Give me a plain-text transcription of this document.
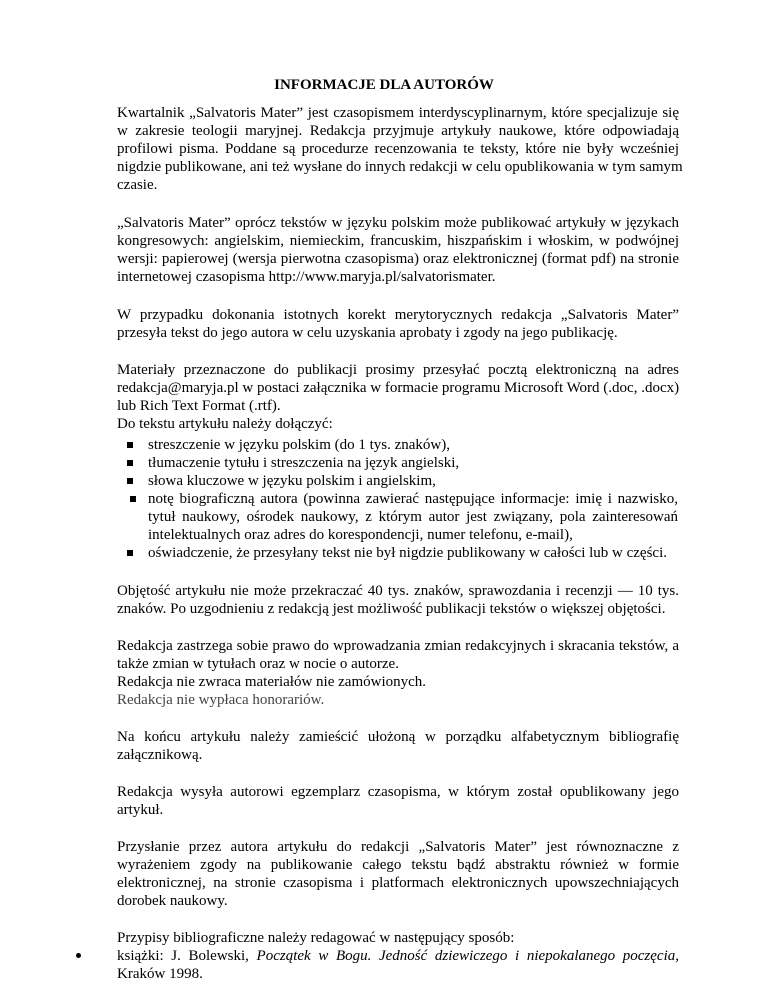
INFORMACJE DLA AUTORÓW
Kwartalnik „Salvatoris Mater” jest czasopismem interdyscyplinarnym, które specjalizuje się
w zakresie teologii maryjnej. Redakcja przyjmuje artykuły naukowe, które odpowiadają
profilowi pisma. Poddane są procedurze recenzowania te teksty, które nie były wcześniej
nigdzie publikowane, ani też wysłane do innych redakcji w celu opublikowania w tym samym
czasie.
„Salvatoris Mater” oprócz tekstów w języku polskim może publikować artykuły w językach
kongresowych: angielskim, niemieckim, francuskim, hiszpańskim i włoskim, w podwójnej
wersji: papierowej (wersja pierwotna czasopisma) oraz elektronicznej (format pdf) na stronie
internetowej czasopisma http://www.maryja.pl/salvatorismater.
W przypadku dokonania istotnych korekt merytorycznych redakcja „Salvatoris Mater”
przesyła tekst do jego autora w celu uzyskania aprobaty i zgody na jego publikację.
Materiały przeznaczone do publikacji prosimy przesyłać pocztą elektroniczną na adres
redakcja@maryja.pl w postaci załącznika w formacie programu Microsoft Word (.doc, .docx)
lub Rich Text Format (.rtf).
Do tekstu artykułu należy dołączyć:
streszczenie w języku polskim (do 1 tys. znaków),
tłumaczenie tytułu i streszczenia na język angielski,
słowa kluczowe w języku polskim i angielskim,
notę biograficzną autora (powinna zawierać następujące informacje: imię i nazwisko,
tytuł naukowy, ośrodek naukowy, z którym autor jest związany, pola zainteresowań
intelektualnych oraz adres do korespondencji, numer telefonu, e-mail),
oświadczenie, że przesyłany tekst nie był nigdzie publikowany w całości lub w części.
Objętość artykułu nie może przekraczać 40 tys. znaków, sprawozdania i recenzji — 10 tys.
znaków. Po uzgodnieniu z redakcją jest możliwość publikacji tekstów o większej objętości.
Redakcja zastrzega sobie prawo do wprowadzania zmian redakcyjnych i skracania tekstów, a
także zmian w tytułach oraz w nocie o autorze.
Redakcja nie zwraca materiałów nie zamówionych.
Redakcja nie wypłaca honorariów.
Na końcu artykułu należy zamieścić ułożoną w porządku alfabetycznym bibliografię
załącznikową.
Redakcja wysyła autorowi egzemplarz czasopisma, w którym został opublikowany jego
artykuł.
Przysłanie przez autora artykułu do redakcji „Salvatoris Mater” jest równoznaczne z
wyrażeniem zgody na publikowanie całego tekstu bądź abstraktu również w formie
elektronicznej, na stronie czasopisma i platformach elektronicznych upowszechniających
dorobek naukowy.
Przypisy bibliograficzne należy redagować w następujący sposób:
książki: J. Bolewski, Początek w Bogu. Jedność dziewiczego i niepokalanego poczęcia,
Kraków 1998.
